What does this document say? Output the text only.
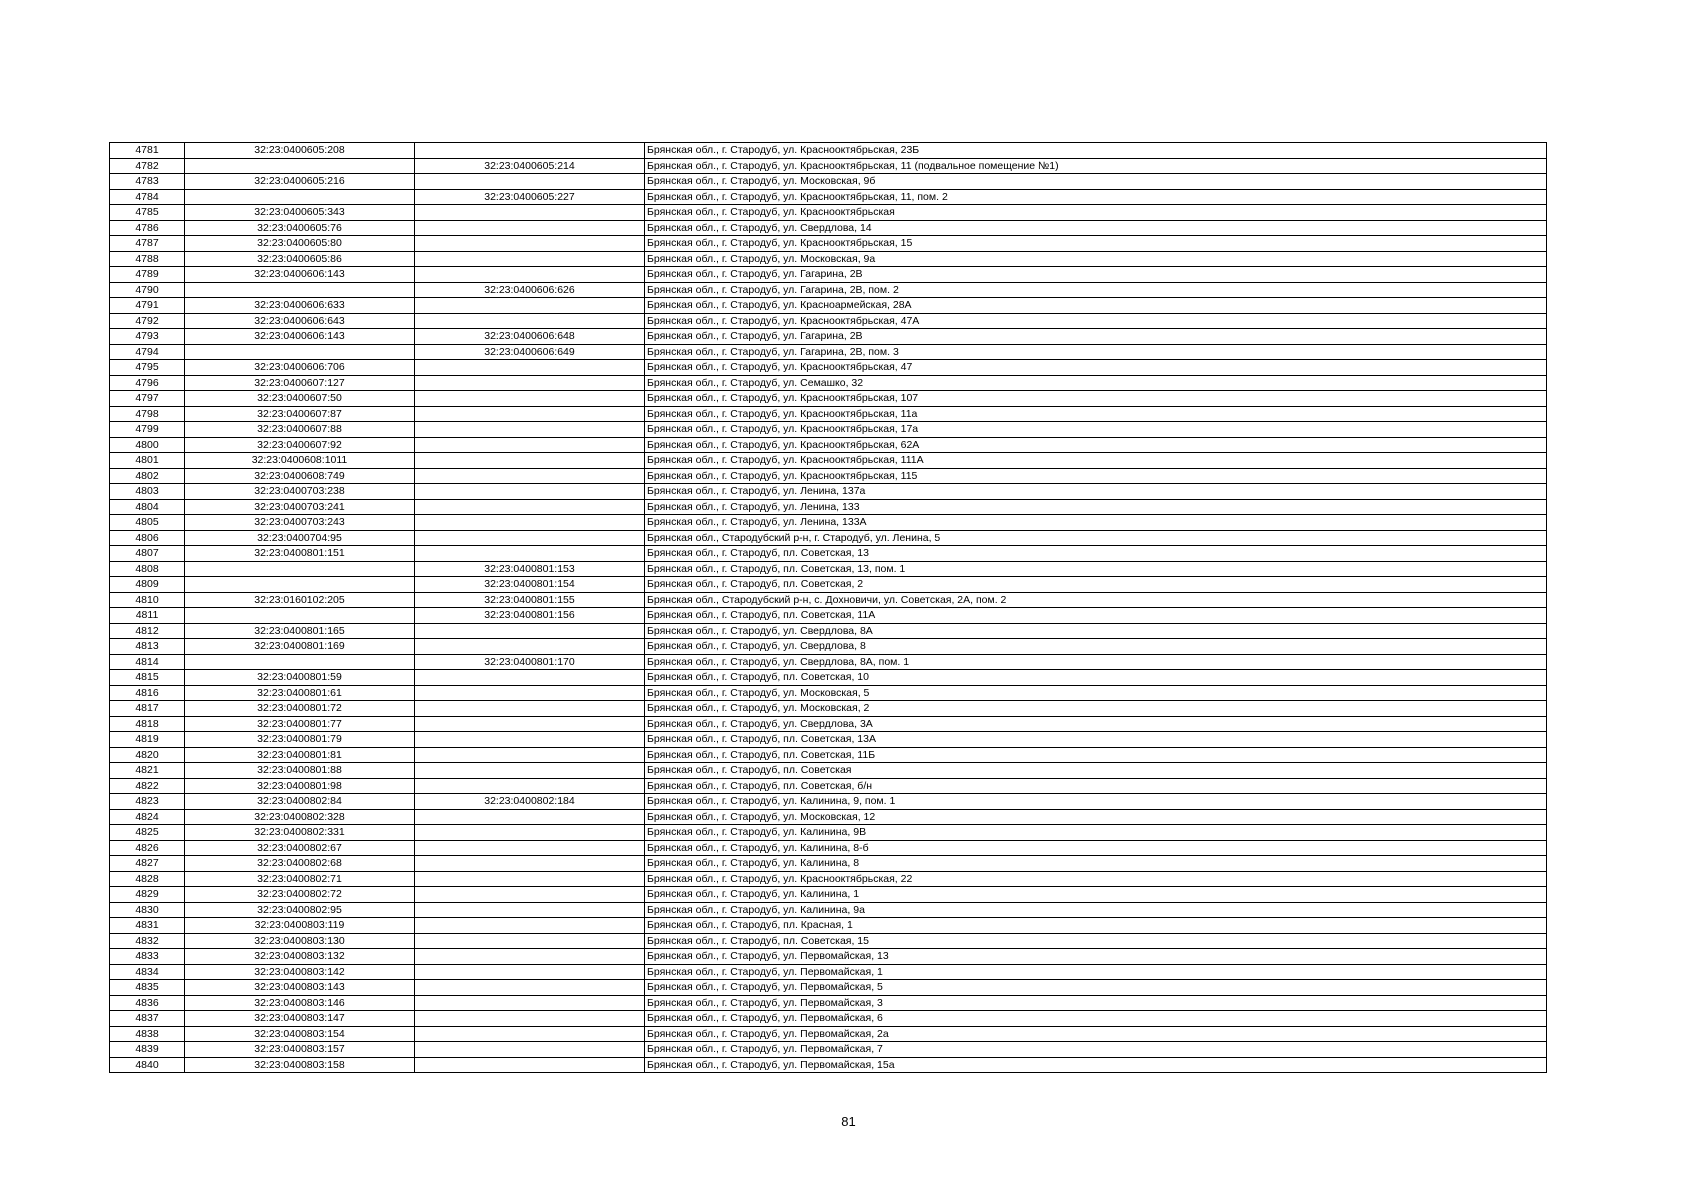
4781	32:23:0400605:208		Брянская обл., г. Стародуб, ул. Краснооктябрьская, 23Б
4782		32:23:0400605:214	Брянская обл., г. Стародуб, ул. Краснооктябрьская, 11 (подвальное помещение №1)
4783	32:23:0400605:216		Брянская обл., г. Стародуб, ул. Московская, 9б
4784		32:23:0400605:227	Брянская обл., г. Стародуб, ул. Краснооктябрьская, 11, пом. 2
4785	32:23:0400605:343		Брянская обл., г. Стародуб, ул. Краснооктябрьская
4786	32:23:0400605:76		Брянская обл., г. Стародуб, ул. Свердлова, 14
4787	32:23:0400605:80		Брянская обл., г. Стародуб, ул. Краснооктябрьская, 15
4788	32:23:0400605:86		Брянская обл., г. Стародуб, ул. Московская, 9а
4789	32:23:0400606:143		Брянская обл., г. Стародуб, ул. Гагарина, 2В
4790		32:23:0400606:626	Брянская обл., г. Стародуб, ул. Гагарина, 2В, пом. 2
4791	32:23:0400606:633		Брянская обл., г. Стародуб, ул. Красноармейская, 28А
4792	32:23:0400606:643		Брянская обл., г. Стародуб, ул. Краснооктябрьская, 47А
4793	32:23:0400606:143	32:23:0400606:648	Брянская обл., г. Стародуб, ул. Гагарина, 2В
4794		32:23:0400606:649	Брянская обл., г. Стародуб, ул. Гагарина, 2В, пом. 3
4795	32:23:0400606:706		Брянская обл., г. Стародуб, ул. Краснооктябрьская, 47
4796	32:23:0400607:127		Брянская обл., г. Стародуб, ул. Семашко, 32
4797	32:23:0400607:50		Брянская обл., г. Стародуб, ул. Краснооктябрьская, 107
4798	32:23:0400607:87		Брянская обл., г. Стародуб, ул. Краснооктябрьская, 11а
4799	32:23:0400607:88		Брянская обл., г. Стародуб, ул. Краснооктябрьская, 17а
4800	32:23:0400607:92		Брянская обл., г. Стародуб, ул. Краснооктябрьская, 62А
4801	32:23:0400608:1011		Брянская обл., г. Стародуб, ул. Краснооктябрьская, 111А
4802	32:23:0400608:749		Брянская обл., г. Стародуб, ул. Краснооктябрьская, 115
4803	32:23:0400703:238		Брянская обл., г. Стародуб, ул. Ленина, 137а
4804	32:23:0400703:241		Брянская обл., г. Стародуб, ул. Ленина, 133
4805	32:23:0400703:243		Брянская обл., г. Стародуб, ул. Ленина, 133А
4806	32:23:0400704:95		Брянская обл., Стародубский р-н, г. Стародуб, ул. Ленина, 5
4807	32:23:0400801:151		Брянская обл., г. Стародуб, пл. Советская, 13
4808		32:23:0400801:153	Брянская обл., г. Стародуб, пл. Советская, 13, пом. 1
4809		32:23:0400801:154	Брянская обл., г. Стародуб, пл. Советская, 2
4810	32:23:0160102:205	32:23:0400801:155	Брянская обл., Стародубский р-н, с. Дохновичи, ул. Советская, 2А, пом. 2
4811		32:23:0400801:156	Брянская обл., г. Стародуб, пл. Советская, 11А
4812	32:23:0400801:165		Брянская обл., г. Стародуб, ул. Свердлова, 8А
4813	32:23:0400801:169		Брянская обл., г. Стародуб, ул. Свердлова, 8
4814		32:23:0400801:170	Брянская обл., г. Стародуб, ул. Свердлова, 8А, пом. 1
4815	32:23:0400801:59		Брянская обл., г. Стародуб, пл. Советская, 10
4816	32:23:0400801:61		Брянская обл., г. Стародуб, ул. Московская, 5
4817	32:23:0400801:72		Брянская обл., г. Стародуб, ул. Московская, 2
4818	32:23:0400801:77		Брянская обл., г. Стародуб, ул. Свердлова, 3А
4819	32:23:0400801:79		Брянская обл., г. Стародуб, пл. Советская, 13А
4820	32:23:0400801:81		Брянская обл., г. Стародуб, пл. Советская, 11Б
4821	32:23:0400801:88		Брянская обл., г. Стародуб, пл. Советская
4822	32:23:0400801:98		Брянская обл., г. Стародуб, пл. Советская, б/н
4823	32:23:0400802:84	32:23:0400802:184	Брянская обл., г. Стародуб, ул. Калинина, 9, пом. 1
4824	32:23:0400802:328		Брянская обл., г. Стародуб, ул. Московская, 12
4825	32:23:0400802:331		Брянская обл., г. Стародуб, ул. Калинина, 9В
4826	32:23:0400802:67		Брянская обл., г. Стародуб, ул. Калинина, 8-б
4827	32:23:0400802:68		Брянская обл., г. Стародуб, ул. Калинина, 8
4828	32:23:0400802:71		Брянская обл., г. Стародуб, ул. Краснооктябрьская, 22
4829	32:23:0400802:72		Брянская обл., г. Стародуб, ул. Калинина, 1
4830	32:23:0400802:95		Брянская обл., г. Стародуб, ул. Калинина, 9а
4831	32:23:0400803:119		Брянская обл., г. Стародуб, пл. Красная, 1
4832	32:23:0400803:130		Брянская обл., г. Стародуб, пл. Советская, 15
4833	32:23:0400803:132		Брянская обл., г. Стародуб, ул. Первомайская, 13
4834	32:23:0400803:142		Брянская обл., г. Стародуб, ул. Первомайская, 1
4835	32:23:0400803:143		Брянская обл., г. Стародуб, ул. Первомайская, 5
4836	32:23:0400803:146		Брянская обл., г. Стародуб, ул. Первомайская, 3
4837	32:23:0400803:147		Брянская обл., г. Стародуб, ул. Первомайская, 6
4838	32:23:0400803:154		Брянская обл., г. Стародуб, ул. Первомайская, 2а
4839	32:23:0400803:157		Брянская обл., г. Стародуб, ул. Первомайская, 7
4840	32:23:0400803:158		Брянская обл., г. Стародуб, ул. Первомайская, 15а
81
